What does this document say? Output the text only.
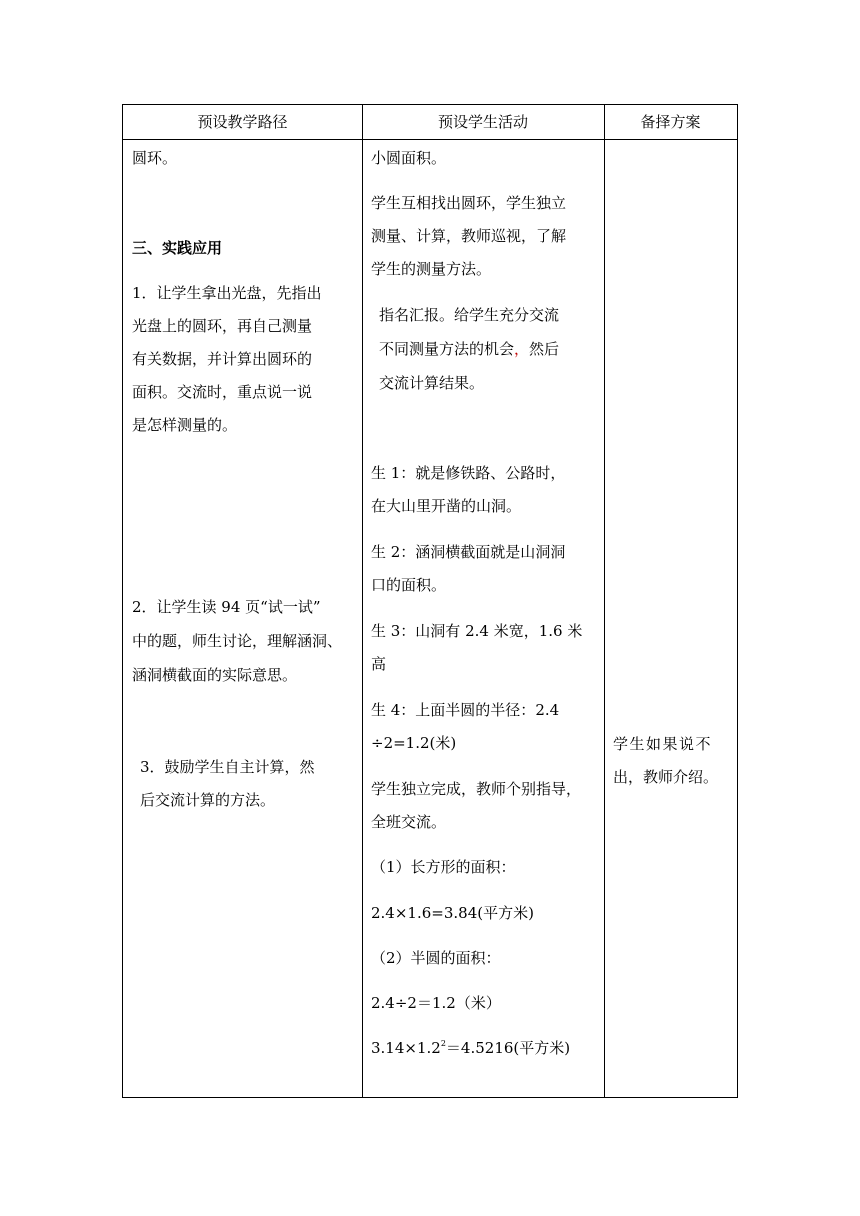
预设教学路径	预设学生活动	备择方案
圆环。
三、实践应用
1．让学生拿出光盘，先指出
光盘上的圆环，再自己测量
有关数据，并计算出圆环的
面积。交流时，重点说一说
是怎样测量的。
2．让学生读 94 页“试一试”
中的题，师生讨论，理解涵洞、
涵洞横截面的实际意思。
3．鼓励学生自主计算，然
后交流计算的方法。
小圆面积。
学生互相找出圆环，学生独立
测量、计算，教师巡视，了解
学生的测量方法。
指名汇报。给学生充分交流
不同测量方法的机会，然后
交流计算结果。
生 1：就是修铁路、公路时，
在大山里开凿的山洞。
生 2：涵洞横截面就是山洞洞
口的面积。
生 3：山洞有 2.4 米宽，1.6 米
高
生 4：上面半圆的半径：2.4
÷2=1.2(米)
学生独立完成，教师个别指导，
全班交流。
（1）长方形的面积：
2.4×1.6=3.84(平方米)
（2）半圆的面积：
2.4÷2＝1.2（米）
$3.14\times 1.2^2=4.5216$(平方米)
学生如果说不
出，教师介绍。
